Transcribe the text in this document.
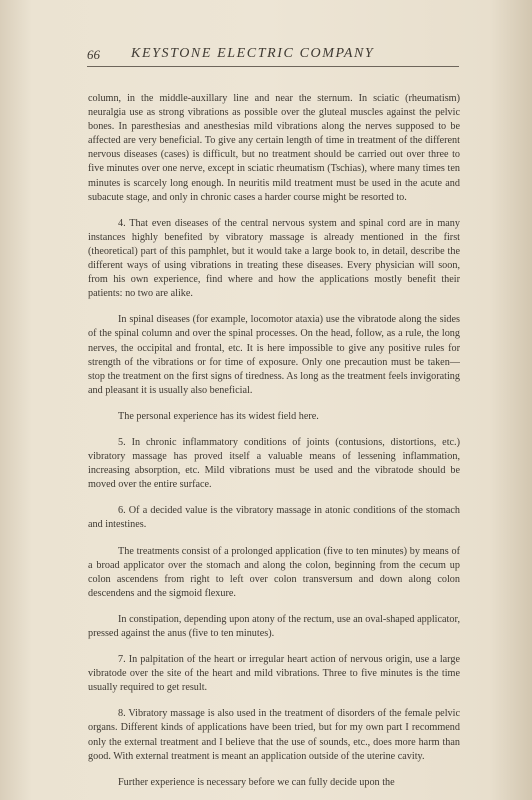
66 KEYSTONE ELECTRIC COMPANY

column, in the middle-auxillary line and near the sternum. In sciatic (rheumatism) neuralgia use as strong vibrations as possible over the gluteal muscles against the pelvic bones. In paresthesias and anesthesias mild vibrations along the nerves supposed to be affected are very beneficial. To give any certain length of time in treatment of the different nervous diseases (cases) is difficult, but no treatment should be carried out over three to five minutes over one nerve, except in sciatic rheumatism (Tschias), where many times ten minutes is scarcely long enough. In neuritis mild treatment must be used in the acute and subacute stage, and only in chronic cases a harder course might be resorted to.

4. That even diseases of the central nervous system and spinal cord are in many instances highly benefited by vibratory massage is already mentioned in the first (theoretical) part of this pamphlet, but it would take a large book to, in detail, describe the different ways of using vibrations in treating these diseases. Every physician will soon, from his own experience, find where and how the applications mostly benefit their patients: no two are alike.

In spinal diseases (for example, locomotor ataxia) use the vibratode along the sides of the spinal column and over the spinal processes. On the head, follow, as a rule, the long nerves, the occipital and frontal, etc. It is here impossible to give any positive rules for strength of the vibrations or for time of exposure. Only one precaution must be taken—stop the treatment on the first signs of tiredness. As long as the treatment feels invigorating and pleasant it is usually also beneficial.

The personal experience has its widest field here.

5. In chronic inflammatory conditions of joints (contusions, distortions, etc.) vibratory massage has proved itself a valuable means of lessening inflammation, increasing absorption, etc. Mild vibrations must be used and the vibratode should be moved over the entire surface.

6. Of a decided value is the vibratory massage in atonic conditions of the stomach and intestines.

The treatments consist of a prolonged application (five to ten minutes) by means of a broad applicator over the stomach and along the colon, beginning from the cecum up colon ascendens from right to left over colon transversum and down along colon descendens and the sigmoid flexure.

In constipation, depending upon atony of the rectum, use an oval-shaped applicator, pressed against the anus (five to ten minutes).

7. In palpitation of the heart or irregular heart action of nervous origin, use a large vibratode over the site of the heart and mild vibrations. Three to five minutes is the time usually required to get result.

8. Vibratory massage is also used in the treatment of disorders of the female pelvic organs. Different kinds of applications have been tried, but for my own part I recommend only the external treatment and I believe that the use of sounds, etc., does more harm than good. With external treatment is meant an application outside of the uterine cavity.

Further experience is necessary before we can fully decide upon the
